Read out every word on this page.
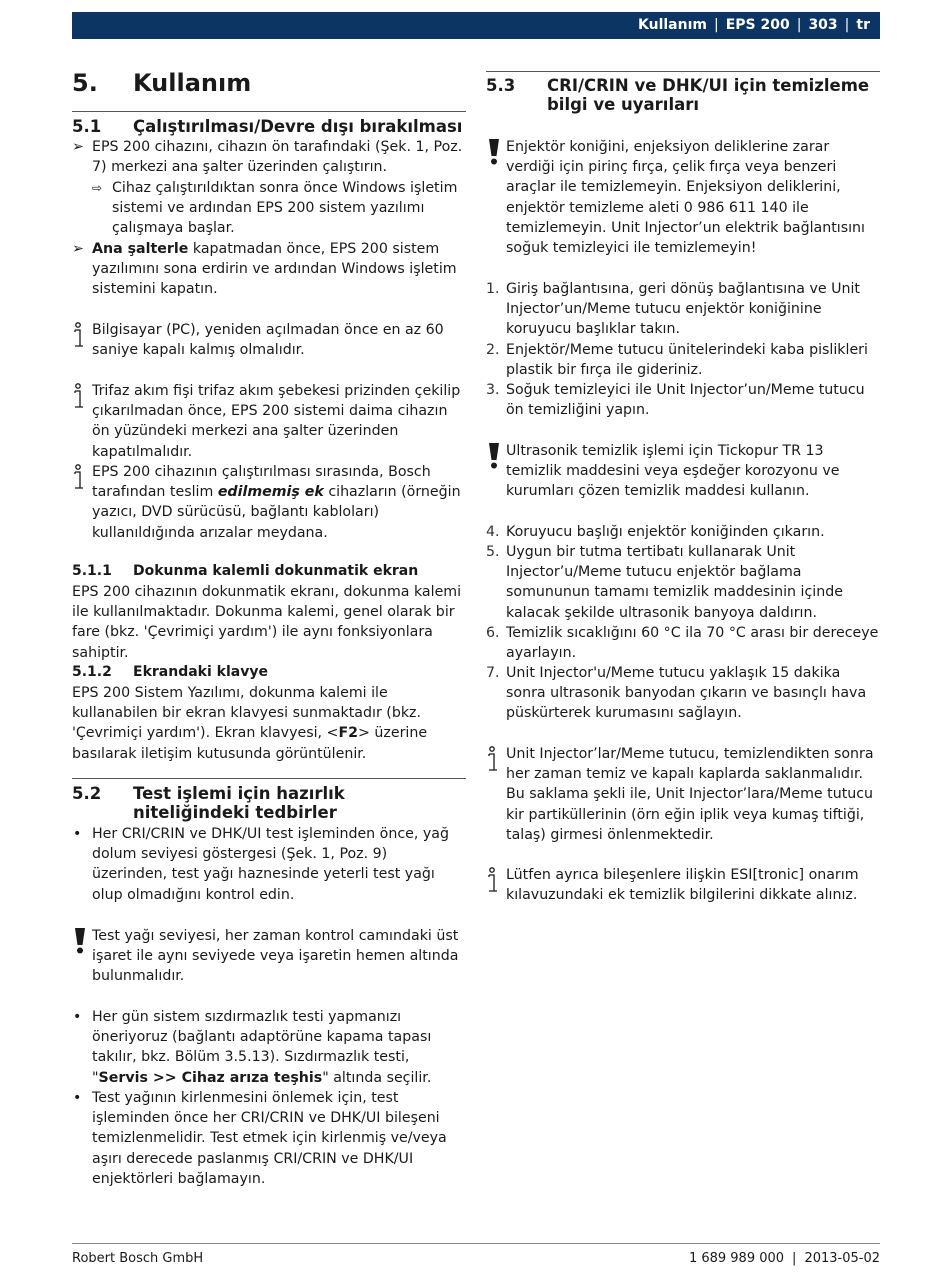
Kullanım | EPS 200 | 303 | tr
5. Kullanım
5.1 Çalıştırılması/Devre dışı bırakılması
➢ EPS 200 cihazını, cihazın ön tarafındaki (Şek. 1, Poz. 7) merkezi ana şalter üzerinden çalıştırın.
⇨ Cihaz çalıştırıldıktan sonra önce Windows işletim sistemi ve ardından EPS 200 sistem yazılımı çalışmaya başlar.
➢ Ana şalterle kapatmadan önce, EPS 200 sistem yazılımını sona erdirin ve ardından Windows işletim sistemini kapatın.
Bilgisayar (PC), yeniden açılmadan önce en az 60 saniye kapalı kalmış olmalıdır.
Trifaz akım fişi trifaz akım şebekesi prizinden çekilip çıkarılmadan önce, EPS 200 sistemi daima cihazın ön yüzündeki merkezi ana şalter üzerinden kapatılmalıdır.
EPS 200 cihazının çalıştırılması sırasında, Bosch tarafından teslim edilmemiş ek cihazların (örneğin yazıcı, DVD sürücüsü, bağlantı kabloları) kullanıldığında arızalar meydana.
5.1.1 Dokunma kalemli dokunmatik ekran
EPS 200 cihazının dokunmatik ekranı, dokunma kalemi ile kullanılmaktadır. Dokunma kalemi, genel olarak bir fare (bkz. 'Çevrimiçi yardım') ile aynı fonksiyonlara sahiptir.
5.1.2 Ekrandaki klavye
EPS 200 Sistem Yazılımı, dokunma kalemi ile kullanabilen bir ekran klavyesi sunmaktadır (bkz. 'Çevrimiçi yardım'). Ekran klavyesi, <F2> üzerine basılarak iletişim kutusunda görüntülenir.
5.2 Test işlemi için hazırlık niteliğindeki tedbirler
• Her CRI/CRIN ve DHK/UI test işleminden önce, yağ dolum seviyesi göstergesi (Şek. 1, Poz. 9) üzerinden, test yağı haznesinde yeterli test yağı olup olmadığını kontrol edin.
Test yağı seviyesi, her zaman kontrol camındaki üst işaret ile aynı seviyede veya işaretin hemen altında bulunmalıdır.
• Her gün sistem sızdırmazlık testi yapmanızı öneriyoruz (bağlantı adaptörüne kapama tapası takılır, bkz. Bölüm 3.5.13). Sızdırmazlık testi, "Servis >> Cihaz arıza teşhis" altında seçilir.
• Test yağının kirlenmesini önlemek için, test işleminden önce her CRI/CRIN ve DHK/UI bileşeni temizlenmelidir. Test etmek için kirlenmiş ve/veya aşırı derecede paslanmış CRI/CRIN ve DHK/UI enjektörleri bağlamayın.
5.3 CRI/CRIN ve DHK/UI için temizleme bilgi ve uyarıları
Enjektör koniğini, enjeksiyon deliklerine zarar verdiği için pirinç fırça, çelik fırça veya benzeri araçlar ile temizlemeyin. Enjeksiyon deliklerini, enjektör temizleme aleti 0 986 611 140 ile temizlemeyin. Unit Injector’un elektrik bağlantısını soğuk temizleyici ile temizlemeyin!
1. Giriş bağlantısına, geri dönüş bağlantısına ve Unit Injector’un/Meme tutucu enjektör koniğinine koruyucu başlıklar takın.
2. Enjektör/Meme tutucu ünitelerindeki kaba pislikleri plastik bir fırça ile gideriniz.
3. Soğuk temizleyici ile Unit Injector’un/Meme tutucu ön temizliğini yapın.
Ultrasonik temizlik işlemi için Tickopur TR 13 temizlik maddesini veya eşdeğer korozyonu ve kurumları çözen temizlik maddesi kullanın.
4. Koruyucu başlığı enjektör koniğinden çıkarın.
5. Uygun bir tutma tertibatı kullanarak Unit Injector’u/Meme tutucu enjektör bağlama somununun tamamı temizlik maddesinin içinde kalacak şekilde ultrasonik banyoya daldırın.
6. Temizlik sıcaklığını 60 °C ila 70 °C arası bir dereceye ayarlayın.
7. Unit Injector'u/Meme tutucu yaklaşık 15 dakika sonra ultrasonik banyodan çıkarın ve basınçlı hava püskürterek kurumasını sağlayın.
Unit Injector’lar/Meme tutucu, temizlendikten sonra her zaman temiz ve kapalı kaplarda saklanmalıdır. Bu saklama şekli ile, Unit Injector’lara/Meme tutucu kir partiküllerinin (örn eğin iplik veya kumaş tiftiği, talaş) girmesi önlenmektedir.
Lütfen ayrıca bileşenlere ilişkin ESI[tronic] onarım kılavuzundaki ek temizlik bilgilerini dikkate alınız.
Robert Bosch GmbH	1 689 989 000 | 2013-05-02
